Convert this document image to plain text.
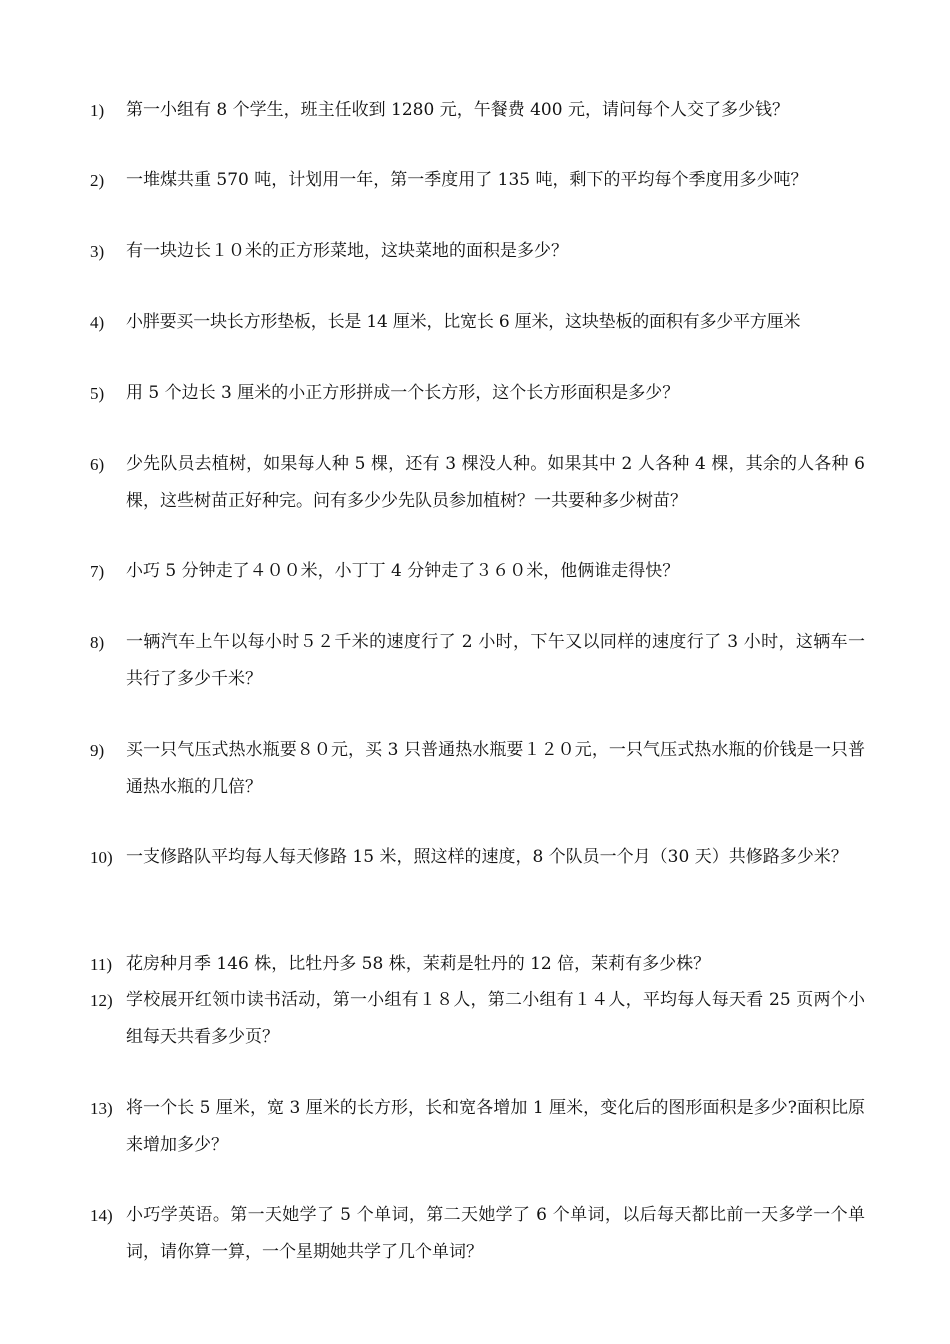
1)	第一小组有 8 个学生，班主任收到 1280 元，午餐费 400 元，请问每个人交了多少钱？
2)	一堆煤共重 570 吨，计划用一年，第一季度用了 135 吨，剩下的平均每个季度用多少吨？
3)	有一块边长１０米的正方形菜地，这块菜地的面积是多少？
4)	小胖要买一块长方形垫板，长是 14 厘米，比宽长 6 厘米，这块垫板的面积有多少平方厘米
5)	用 5 个边长 3 厘米的小正方形拼成一个长方形，这个长方形面积是多少？
6)	少先队员去植树，如果每人种 5 棵，还有 3 棵没人种。如果其中 2 人各种 4 棵，其余的人各种 6 棵，这些树苗正好种完。问有多少少先队员参加植树？一共要种多少树苗？
7)	小巧 5 分钟走了４００米，小丁丁 4 分钟走了３６０米，他俩谁走得快？
8)	一辆汽车上午以每小时５２千米的速度行了 2 小时，下午又以同样的速度行了 3 小时，这辆车一共行了多少千米？
9)	买一只气压式热水瓶要８０元，买 3 只普通热水瓶要１２０元，一只气压式热水瓶的价钱是一只普通热水瓶的几倍？
10) 一支修路队平均每人每天修路 15 米，照这样的速度，8 个队员一个月（30 天）共修路多少米？
11) 花房种月季 146 株，比牡丹多 58 株，茉莉是牡丹的 12 倍，茉莉有多少株？
12) 学校展开红领巾读书活动，第一小组有１８人，第二小组有１４人，平均每人每天看 25 页两个小组每天共看多少页？
13) 将一个长 5 厘米，宽 3 厘米的长方形，长和宽各增加 1 厘米，变化后的图形面积是多少?面积比原来增加多少？
14) 小巧学英语。第一天她学了 5 个单词，第二天她学了 6 个单词，以后每天都比前一天多学一个单词，请你算一算，一个星期她共学了几个单词？
